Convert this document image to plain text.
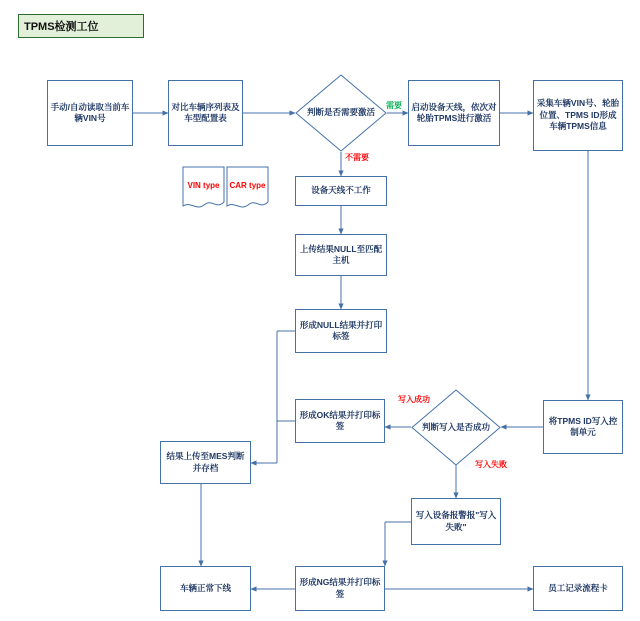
TPMS检测工位
手动/自动读取当前车辆VIN号
对比车辆序列表及车型配置表
判断是否需要激活
启动设备天线，依次对轮胎TPMS进行激活
采集车辆VIN号、轮胎位置、TPMS ID形成车辆TPMS信息
VIN type	CAR type
设备天线不工作
上传结果NULL至匹配主机
形成NULL结果并打印标签
将TPMS ID写入控制单元
判断写入是否成功
形成OK结果并打印标签
结果上传至MES判断并存档
写入设备报警报"写入失败"
车辆正常下线
形成NG结果并打印标签
员工记录流程卡
需要
不需要
写入成功
写入失败
